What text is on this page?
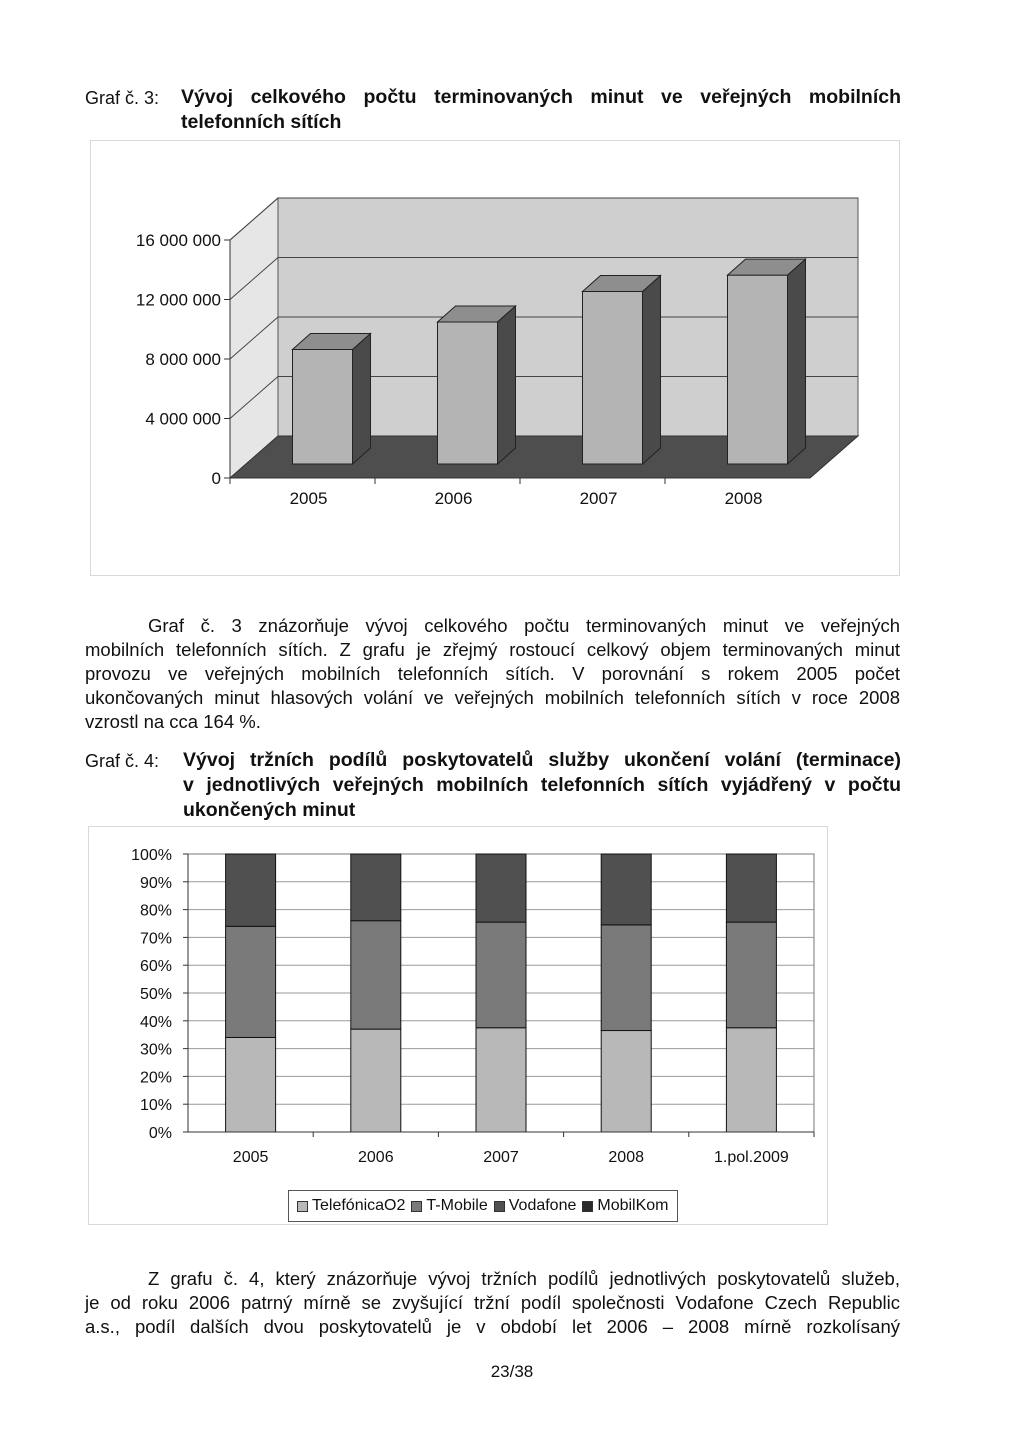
Graf č. 3: Vývoj celkového počtu terminovaných minut ve veřejných mobilních
telefonních sítích
0
4 000 000
8 000 000
12 000 000
16 000 000
2005	2006	2007	2008
Graf č. 3 znázorňuje vývoj celkového počtu terminovaných minut ve veřejných
mobilních telefonních sítích. Z grafu je zřejmý rostoucí celkový objem terminovaných minut
provozu ve veřejných mobilních telefonních sítích. V porovnání s rokem 2005 počet
ukončovaných minut hlasových volání ve veřejných mobilních telefonních sítích v roce 2008
vzrostl na cca 164 %.
Graf č. 4: Vývoj tržních podílů poskytovatelů služby ukončení volání (terminace)
v jednotlivých veřejných mobilních telefonních sítích vyjádřený v počtu
ukončených minut
0%
10%
20%
30%
40%
50%
60%
70%
80%
90%
100%
2005	2006	2007	2008	1.pol.2009
TelefónicaO2 T-Mobile Vodafone MobilKom
Z grafu č. 4, který znázorňuje vývoj tržních podílů jednotlivých poskytovatelů služeb,
je od roku 2006 patrný mírně se zvyšující tržní podíl společnosti Vodafone Czech Republic
a.s., podíl dalších dvou poskytovatelů je v období let 2006 – 2008 mírně rozkolísaný
23/38
